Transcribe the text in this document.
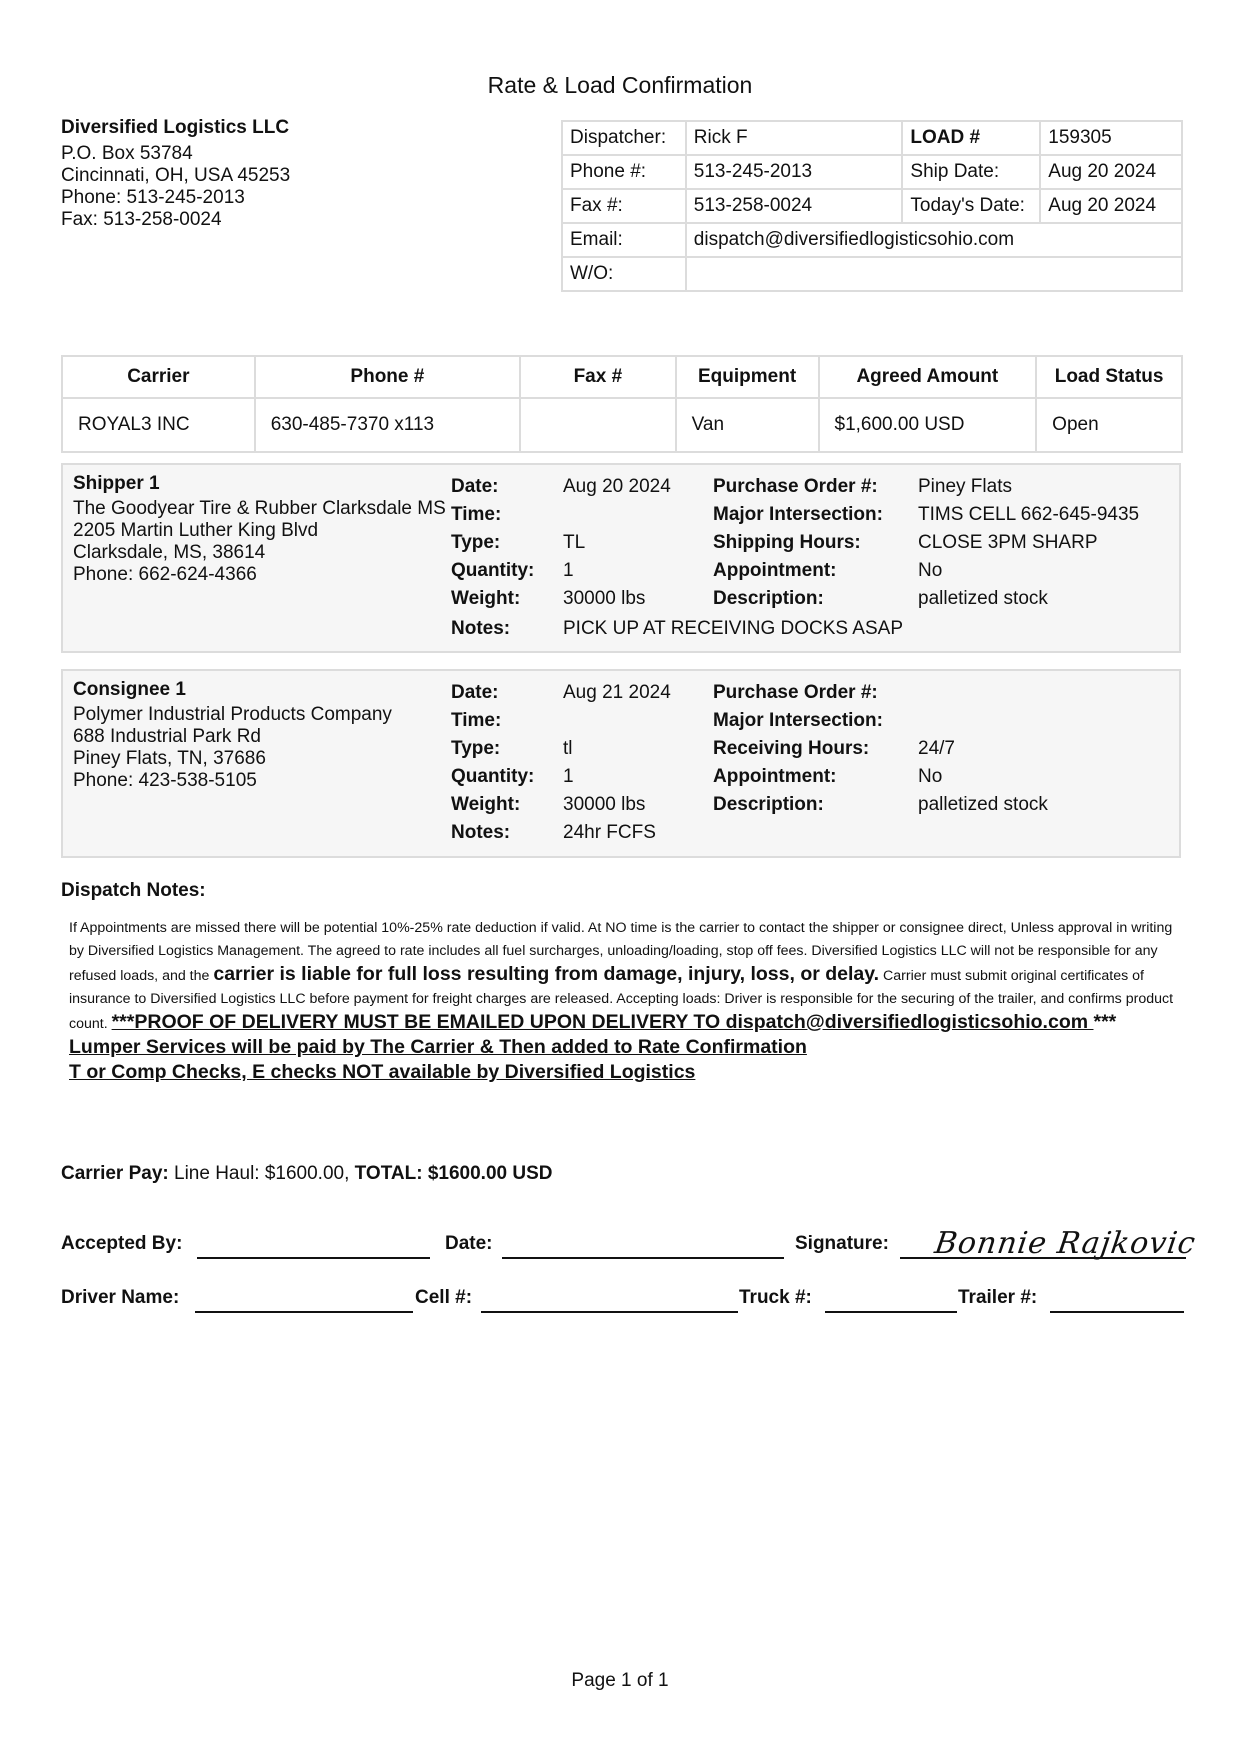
Rate & Load Confirmation
Diversified Logistics LLC
P.O. Box 53784
Cincinnati, OH, USA 45253
Phone: 513-245-2013
Fax: 513-258-0024
Dispatcher:	Rick F	LOAD #	159305
Phone #:	513-245-2013	Ship Date:	Aug 20 2024
Fax #:	513-258-0024	Today's Date:	Aug 20 2024
Email:	dispatch@diversifiedlogisticsohio.com		
W/O:			
Carrier	Phone #	Fax #	Equipment	Agreed Amount	Load Status
ROYAL3 INC	630-485-7370 x113		Van	$1,600.00 USD	Open
Shipper 1
The Goodyear Tire & Rubber Clarksdale MS
2205 Martin Luther King Blvd
Clarksdale, MS, 38614
Phone: 662-624-4366
Date:	Aug 20 2024
Time:
Type:	TL
Quantity: 1
Weight: 30000 lbs
Notes:	PICK UP AT RECEIVING DOCKS ASAP
Purchase Order #: Piney Flats
Major Intersection: TIMS CELL 662-645-9435
Shipping Hours:	CLOSE 3PM SHARP
Appointment:	No
Description:	palletized stock
Consignee 1
Polymer Industrial Products Company
688 Industrial Park Rd
Piney Flats, TN, 37686
Phone: 423-538-5105
Date:	Aug 21 2024
Time:
Type:	tl
Quantity: 1
Weight: 30000 lbs
Notes:	24hr FCFS
Purchase Order #:
Major Intersection:
Receiving Hours:	24/7
Appointment:	No
Description:	palletized stock
Dispatch Notes:
If Appointments are missed there will be potential 10%-25% rate deduction if valid. At NO time is the carrier to contact the shipper or consignee direct, Unless approval in writing by Diversified Logistics Management. The agreed to rate includes all fuel surcharges, unloading/loading, stop off fees. Diversified Logistics LLC will not be responsible for any refused loads, and the carrier is liable for full loss resulting from damage, injury, loss, or delay. Carrier must submit original certificates of insurance to Diversified Logistics LLC before payment for freight charges are released. Accepting loads: Driver is responsible for the securing of the trailer, and confirms product count. ***PROOF OF DELIVERY MUST BE EMAILED UPON DELIVERY TO dispatch@diversifiedlogisticsohio.com *** Lumper Services will be paid by The Carrier & Then added to Rate Confirmation
T or Comp Checks, E checks NOT available by Diversified Logistics
Carrier Pay: Line Haul: $1600.00, TOTAL: $1600.00 USD
Accepted By:	Date:	Signature: Bonnie Rajkovic
Driver Name:	Cell #:	Truck #:	Trailer #:
Page 1 of 1
